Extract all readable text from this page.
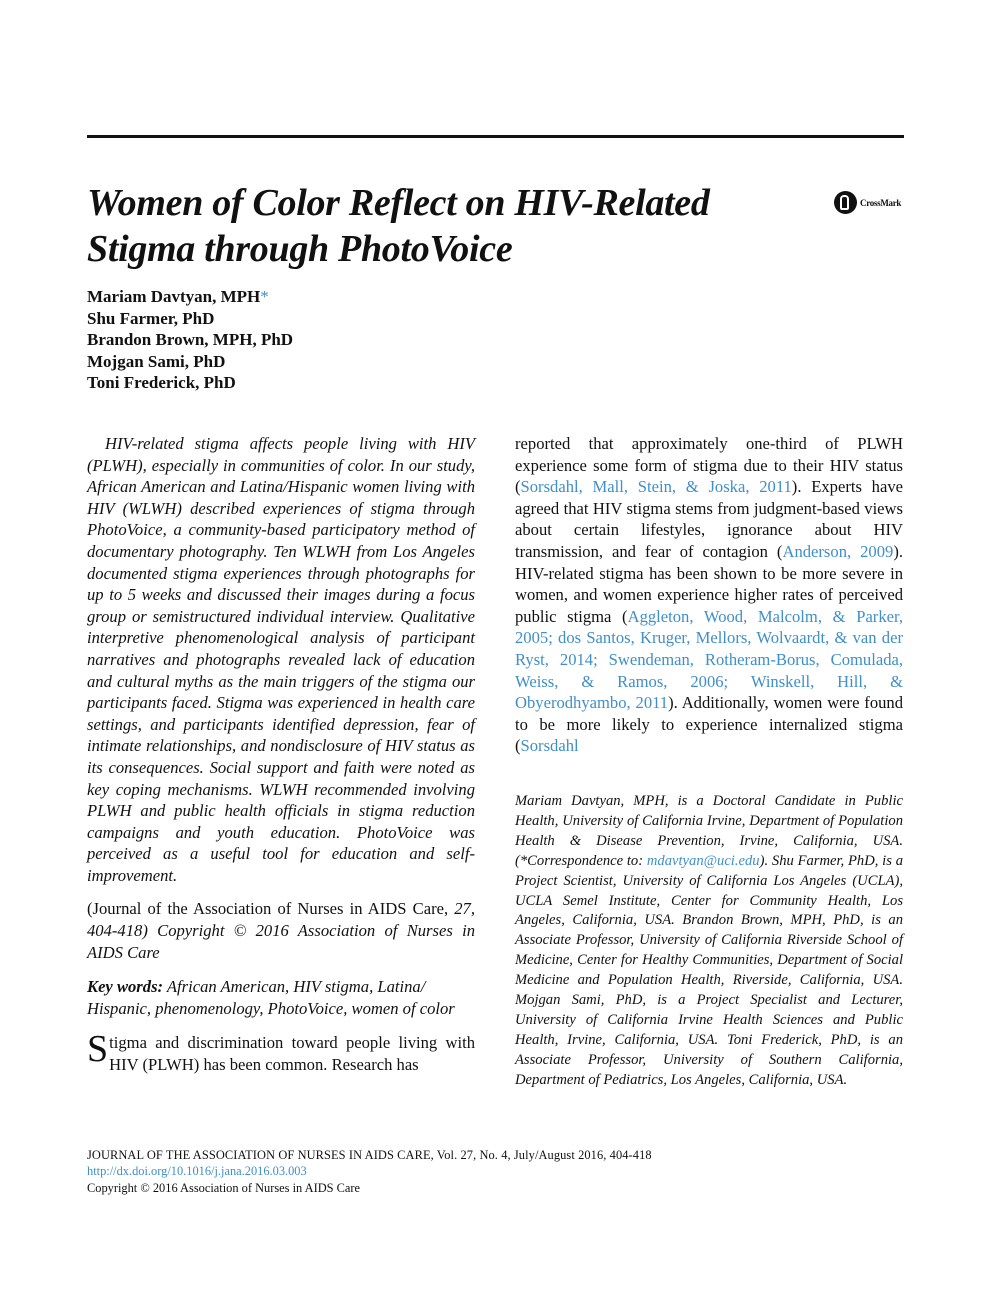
Women of Color Reflect on HIV-Related Stigma through PhotoVoice
CrossMark
Mariam Davtyan, MPH*
Shu Farmer, PhD
Brandon Brown, MPH, PhD
Mojgan Sami, PhD
Toni Frederick, PhD

HIV-related stigma affects people living with HIV (PLWH), especially in communities of color. In our study, African American and Latina/Hispanic women living with HIV (WLWH) described experiences of stigma through PhotoVoice, a community-based participatory method of documentary photography. Ten WLWH from Los Angeles documented stigma experiences through photographs for up to 5 weeks and discussed their images during a focus group or semistructured individual interview. Qualitative interpretive phenomenological analysis of participant narratives and photographs revealed lack of education and cultural myths as the main triggers of the stigma our participants faced. Stigma was experienced in health care settings, and participants identified depression, fear of intimate relationships, and nondisclosure of HIV status as its consequences. Social support and faith were noted as key coping mechanisms. WLWH recommended involving PLWH and public health officials in stigma reduction campaigns and youth education. PhotoVoice was perceived as a useful tool for education and self-improvement.

(Journal of the Association of Nurses in AIDS Care, 27, 404-418) Copyright © 2016 Association of Nurses in AIDS Care

Key words: African American, HIV stigma, Latina/ Hispanic, phenomenology, PhotoVoice, women of color

Stigma and discrimination toward people living with HIV (PLWH) has been common. Research has

reported that approximately one-third of PLWH experience some form of stigma due to their HIV status (Sorsdahl, Mall, Stein, & Joska, 2011). Experts have agreed that HIV stigma stems from judgment-based views about certain lifestyles, ignorance about HIV transmission, and fear of contagion (Anderson, 2009). HIV-related stigma has been shown to be more severe in women, and women experience higher rates of perceived public stigma (Aggleton, Wood, Malcolm, & Parker, 2005; dos Santos, Kruger, Mellors, Wolvaardt, & van der Ryst, 2014; Swendeman, Rotheram-Borus, Comulada, Weiss, & Ramos, 2006; Winskell, Hill, & Obyerodhyambo, 2011). Additionally, women were found to be more likely to experience internalized stigma (Sorsdahl

Mariam Davtyan, MPH, is a Doctoral Candidate in Public Health, University of California Irvine, Department of Population Health & Disease Prevention, Irvine, California, USA. (*Correspondence to: mdavtyan@uci.edu). Shu Farmer, PhD, is a Project Scientist, University of California Los Angeles (UCLA), UCLA Semel Institute, Center for Community Health, Los Angeles, California, USA. Brandon Brown, MPH, PhD, is an Associate Professor, University of California Riverside School of Medicine, Center for Healthy Communities, Department of Social Medicine and Population Health, Riverside, California, USA. Mojgan Sami, PhD, is a Project Specialist and Lecturer, University of California Irvine Health Sciences and Public Health, Irvine, California, USA. Toni Frederick, PhD, is an Associate Professor, University of Southern California, Department of Pediatrics, Los Angeles, California, USA.

JOURNAL OF THE ASSOCIATION OF NURSES IN AIDS CARE, Vol. 27, No. 4, July/August 2016, 404-418
http://dx.doi.org/10.1016/j.jana.2016.03.003
Copyright © 2016 Association of Nurses in AIDS Care
